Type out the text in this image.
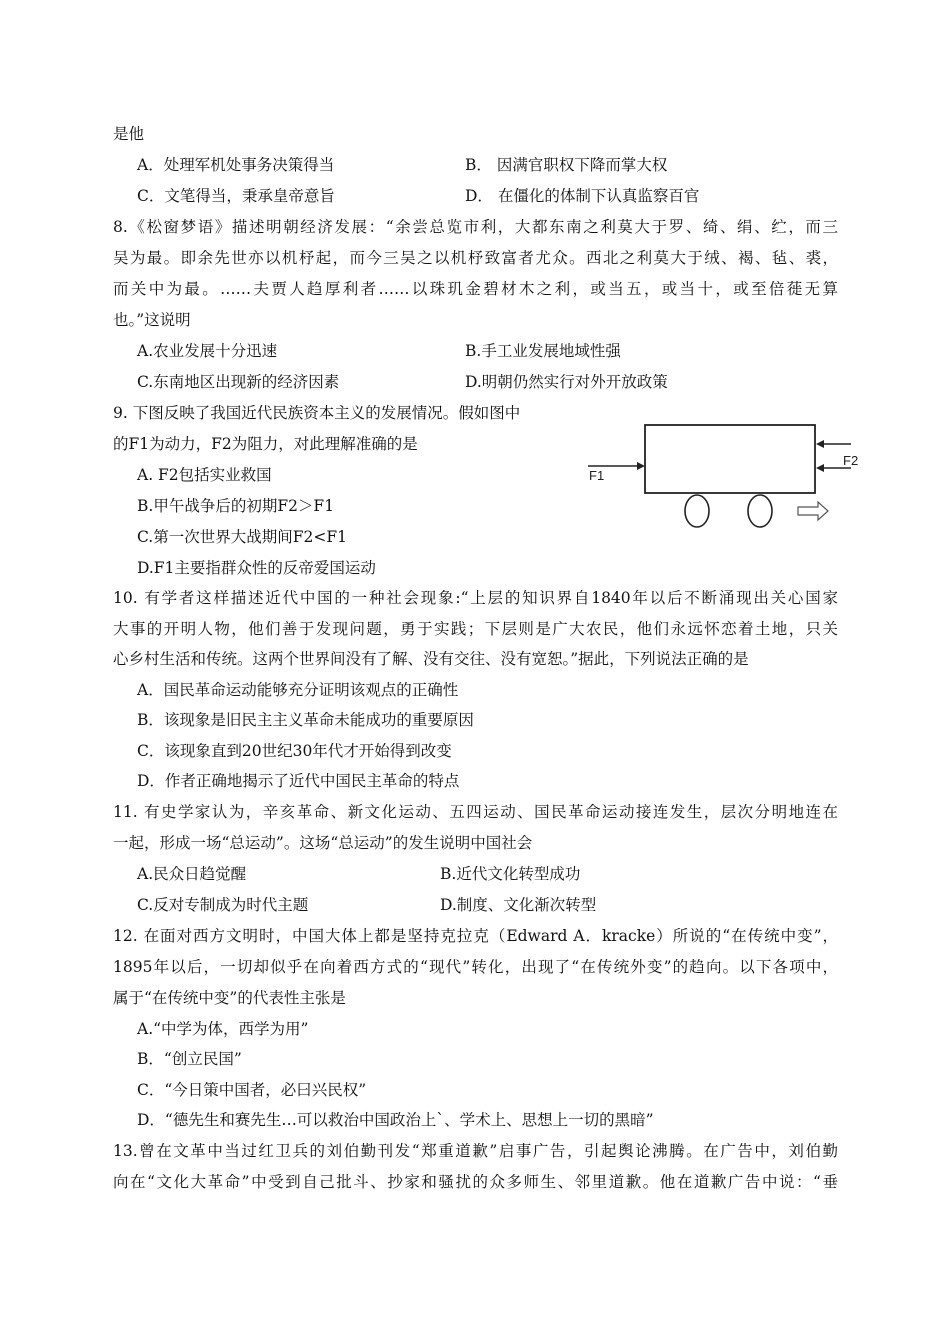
是他
A．处理军机处事务决策得当	B． 因满官职权下降而掌大权
C．文笔得当，秉承皇帝意旨	D． 在僵化的体制下认真监察百官
8.《松窗梦语》描述明朝经济发展：“余尝总览市利，大都东南之利莫大于罗、绮、绢、纻，而三
吴为最。即余先世亦以机杼起，而今三吴之以机杼致富者尤众。西北之利莫大于绒、褐、毡、裘，
而关中为最。……夫贾人趋厚利者……以珠玑金碧材木之利，或当五，或当十，或至倍蓰无算
也。”这说明
A.农业发展十分迅速	B.手工业发展地域性强
C.东南地区出现新的经济因素	D.明朝仍然实行对外开放政策
9. 下图反映了我国近代民族资本主义的发展情况。假如图中
的F1为动力，F2为阻力，对此理解准确的是
A. F2包括实业救国
B.甲午战争后的初期F2＞F1
C.第一次世界大战期间F2<F1
D.F1主要指群众性的反帝爱国运动
F1
F2
10. 有学者这样描述近代中国的一种社会现象:“上层的知识界自1840年以后不断涌现出关心国家
大事的开明人物，他们善于发现问题，勇于实践；下层则是广大农民，他们永远怀恋着土地，只关
心乡村生活和传统。这两个世界间没有了解、没有交往、没有宽恕。”据此，下列说法正确的是
A．国民革命运动能够充分证明该观点的正确性
B．该现象是旧民主主义革命未能成功的重要原因
C．该现象直到20世纪30年代才开始得到改变
D．作者正确地揭示了近代中国民主革命的特点
11. 有史学家认为，辛亥革命、新文化运动、五四运动、国民革命运动接连发生，层次分明地连在
一起，形成一场“总运动”。这场“总运动”的发生说明中国社会
A.民众日趋觉醒	B.近代文化转型成功
C.反对专制成为时代主题	D.制度、文化渐次转型
12. 在面对西方文明时，中国大体上都是坚持克拉克（Edward A．kracke）所说的“在传统中变”，
1895年以后，一切却似乎在向着西方式的“现代”转化，出现了“在传统外变”的趋向。以下各项中，
属于“在传统中变”的代表性主张是
A.“中学为体，西学为用”
B．“创立民国”
C．“今日策中国者，必曰兴民权”
D．“德先生和赛先生…可以救治中国政治上`、学术上、思想上一切的黑暗”
13.曾在文革中当过红卫兵的刘伯勤刊发“郑重道歉”启事广告，引起舆论沸腾。在广告中，刘伯勤
向在“文化大革命”中受到自己批斗、抄家和骚扰的众多师生、邻里道歉。他在道歉广告中说：“垂
